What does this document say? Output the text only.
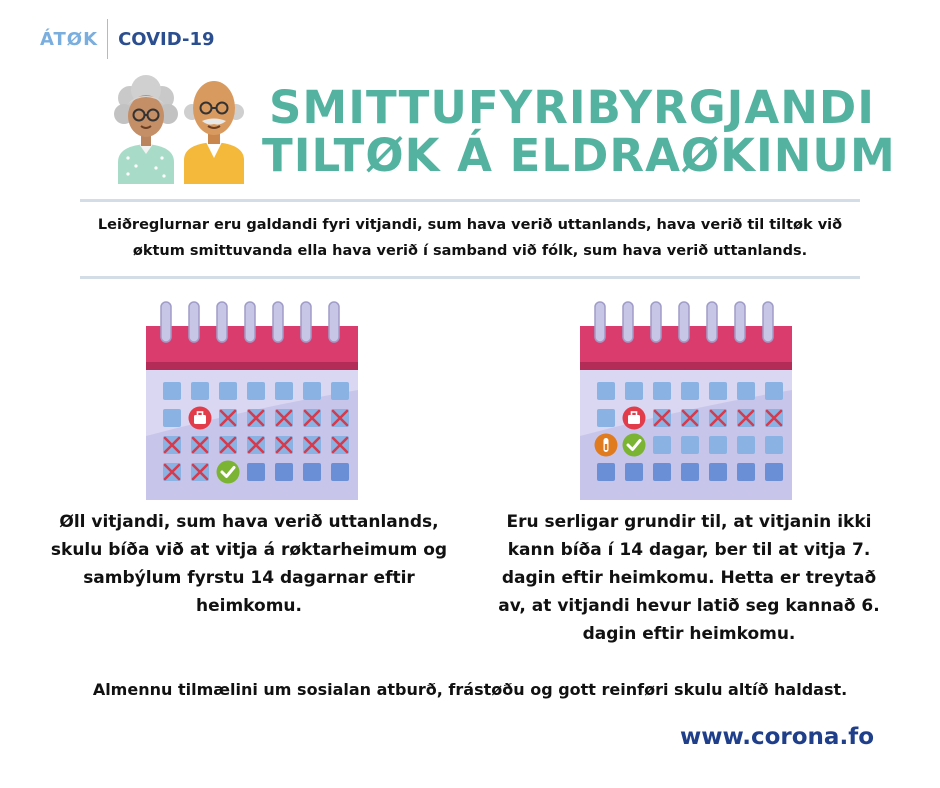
ÁTØK	COVID-19
SMITTUFYRIBYRGJANDI
TILTØK Á ELDRAØKINUM
Leiðreglurnar eru galdandi fyri vitjandi, sum hava verið uttanlands, hava verið til tiltøk við øktum smittuvanda ella hava verið í samband við fólk, sum hava verið uttanlands.
Øll vitjandi, sum hava verið uttanlands, skulu bíða við at vitja á røktarheimum og sambýlum fyrstu 14 dagarnar eftir heimkomu.
Eru serligar grundir til, at vitjanin ikki kann bíða í 14 dagar, ber til at vitja 7. dagin eftir heimkomu. Hetta er treytað av, at vitjandi hevur latið seg kannað 6. dagin eftir heimkomu.
Almennu tilmælini um sosialan atburð, frástøðu og gott reinføri skulu altíð haldast.
www.corona.fo
